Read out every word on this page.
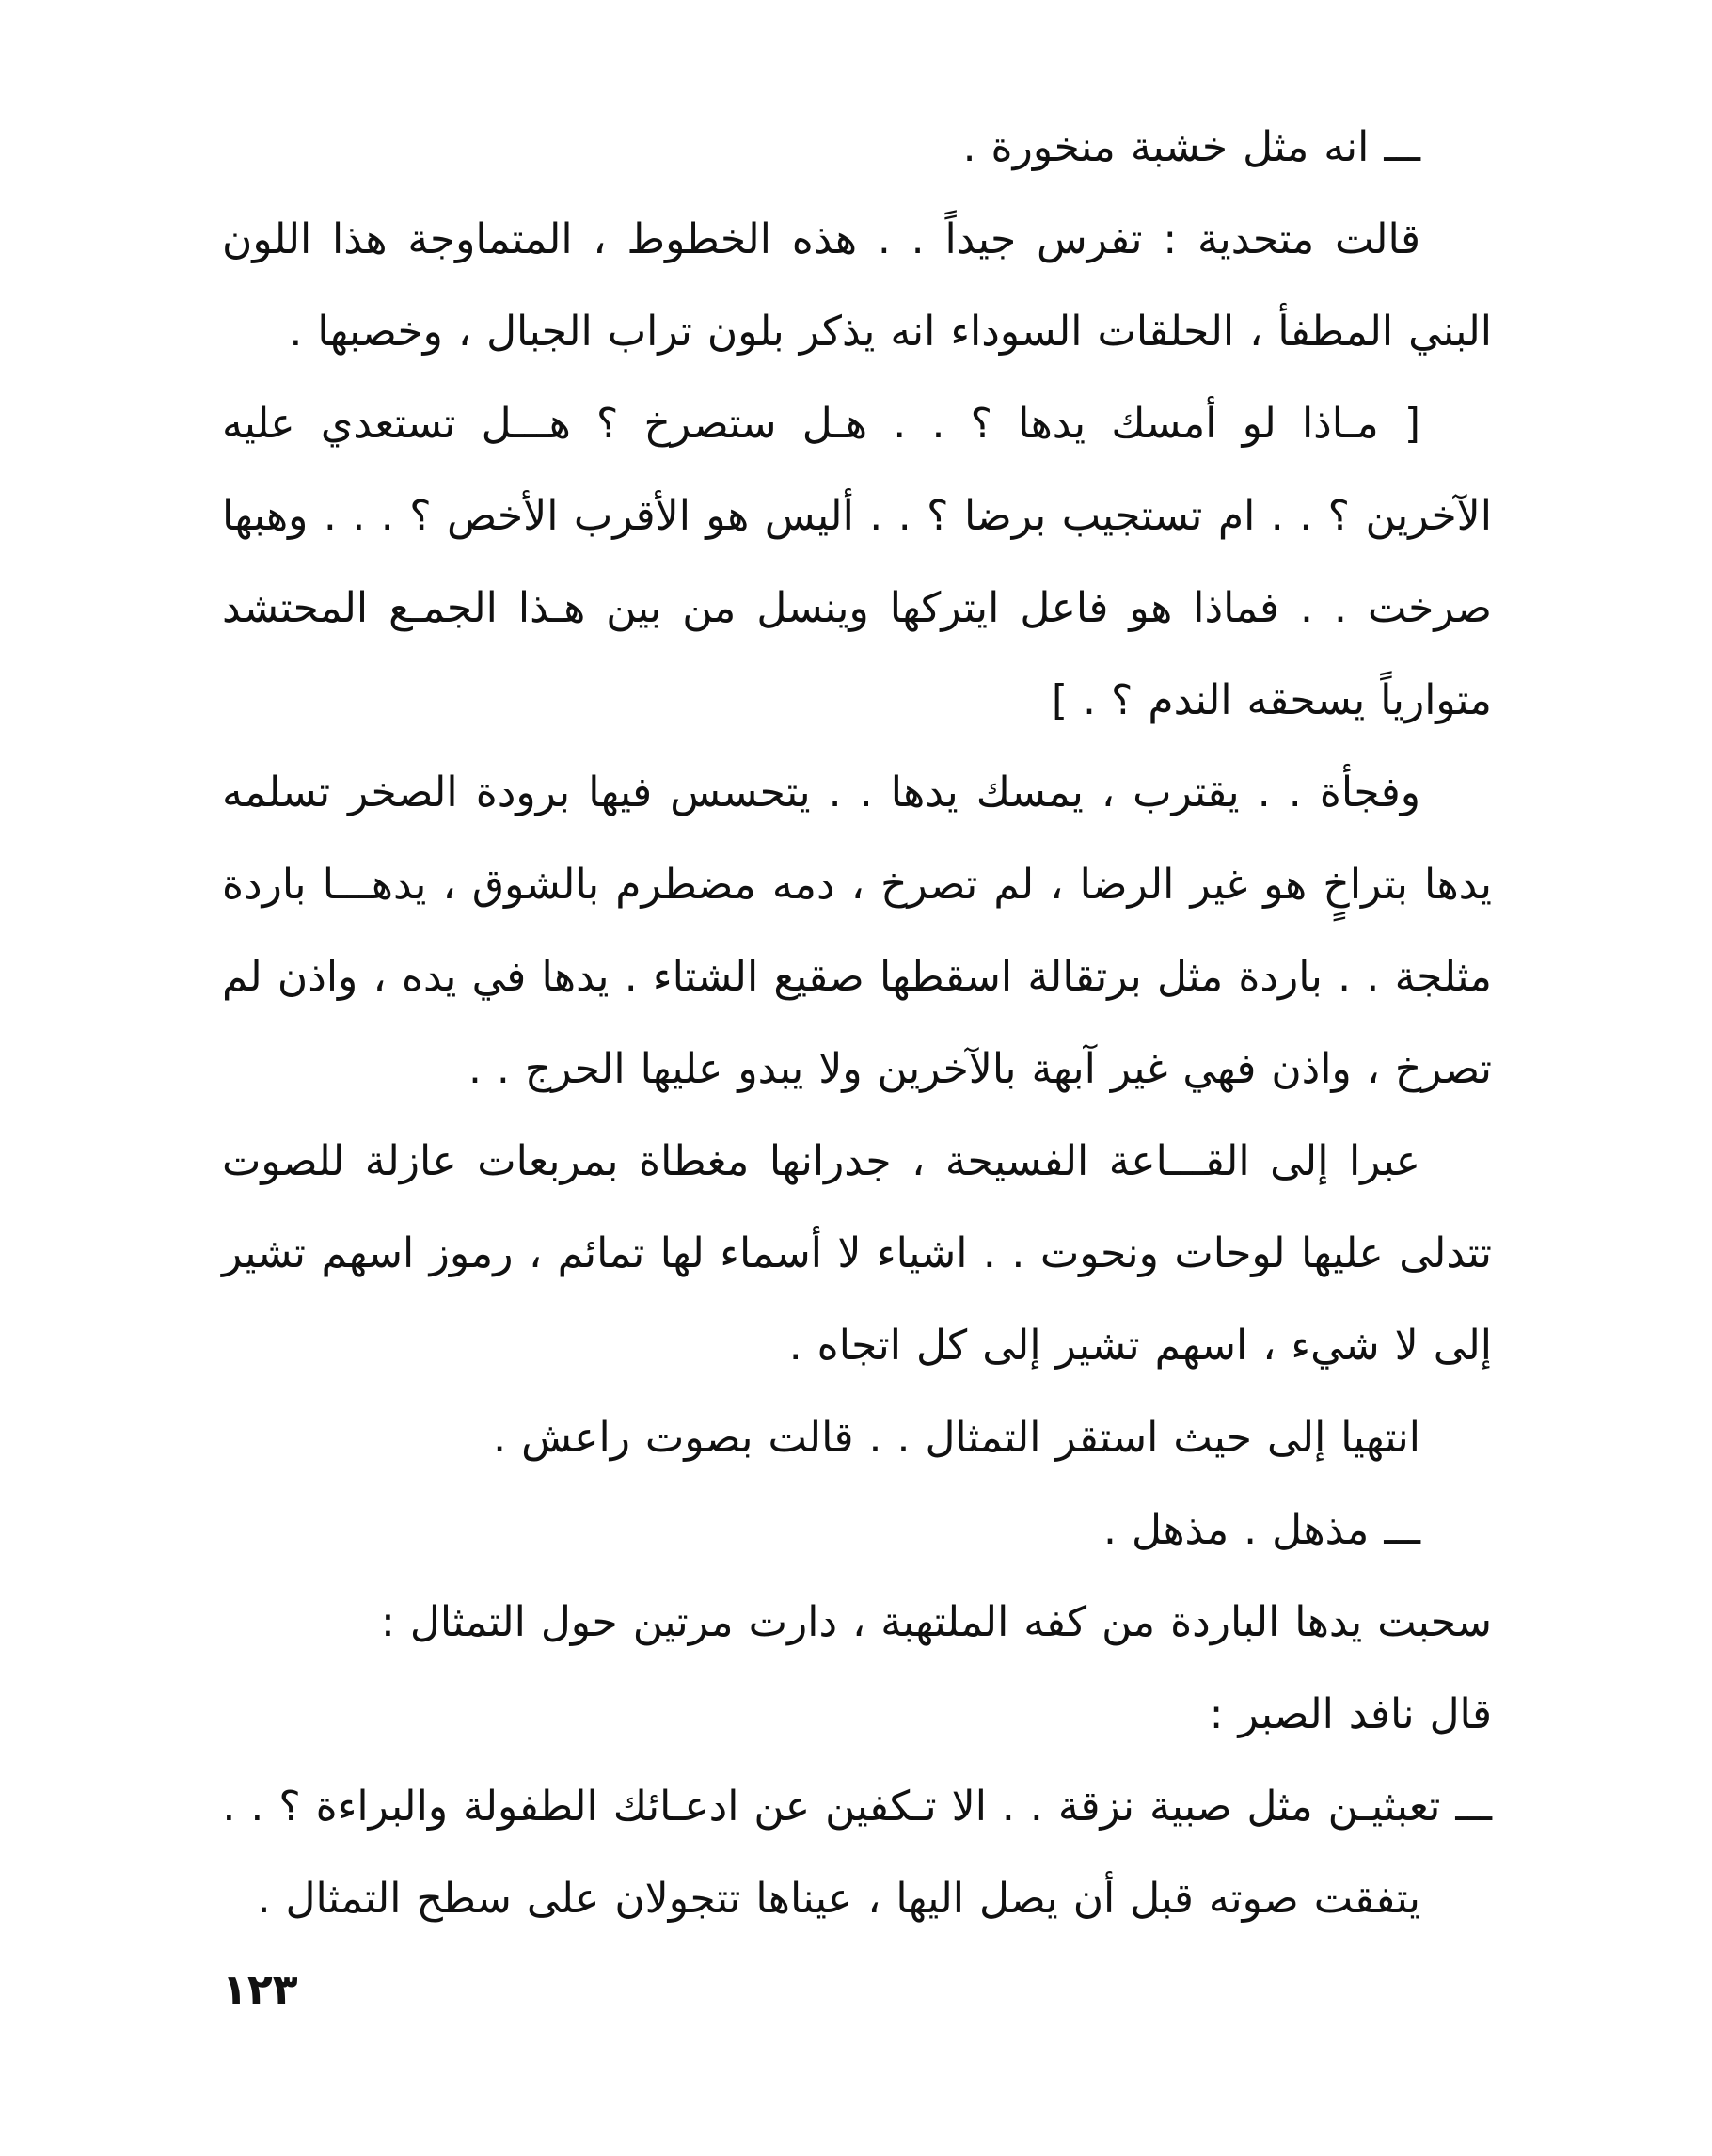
ـــ انه مثل خشبة منخورة .

قالت متحدية : تفرس جيداً . . هذه الخطوط ، المتماوجة هذا اللون البني المطفأ ، الحلقات السوداء انه يذكر بلون تراب الجبال ، وخصبها .

[ مـاذا لو أمسك يدها ؟ . . هـل ستصرخ ؟ هـــل تستعدي عليه الآخرين ؟ . . ام تستجيب برضا ؟ . . أليس هو الأقرب الأخص ؟ . . . وهبها صرخت . . فماذا هو فاعل ايتركها وينسل من بين هـذا الجمـع المحتشد متوارياً يسحقه الندم ؟ . ]

وفجأة . . يقترب ، يمسك يدها . . يتحسس فيها برودة الصخر تسلمه يدها بتراخٍ هو غير الرضا ، لم تصرخ ، دمه مضطرم بالشوق ، يدهـــا باردة مثلجة . . باردة مثل برتقالة اسقطها صقيع الشتاء . يدها في يده ، واذن لم تصرخ ، واذن فهي غير آبهة بالآخرين ولا يبدو عليها الحرج . .

عبرا إلى القـــاعة الفسيحة ، جدرانها مغطاة بمربعات عازلة للصوت تتدلى عليها لوحات ونحوت . . اشياء لا أسماء لها تمائم ، رموز اسهم تشير إلى لا شيء ، اسهم تشير إلى كل اتجاه .

انتهيا إلى حيث استقر التمثال . . قالت بصوت راعش .

ـــ مذهل . مذهل .

سحبت يدها الباردة من كفه الملتهبة ، دارت مرتين حول التمثال :

قال نافد الصبر :

ـــ تعبثيـن مثل صبية نزقة . . الا تـكفين عن ادعـائك الطفولة والبراءة ؟ . .

يتفقت صوته قبل أن يصل اليها ، عيناها تتجولان على سطح التمثال .

١٢٣
